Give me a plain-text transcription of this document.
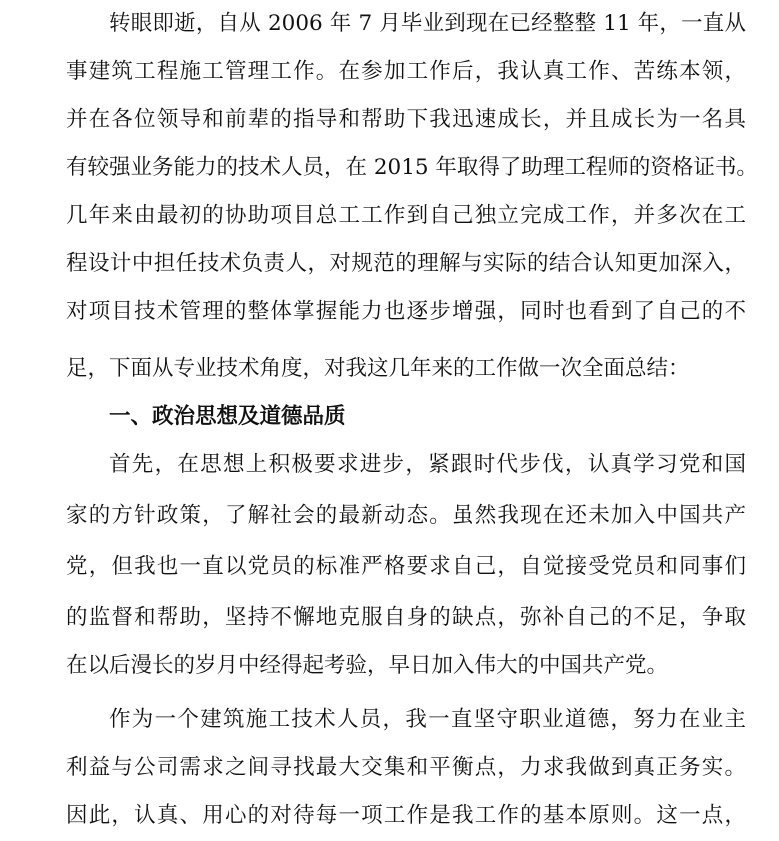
转眼即逝，自从 2006 年 7 月毕业到现在已经整整 11 年，一直从
事建筑工程施工管理工作。在参加工作后，我认真工作、苦练本领，
并在各位领导和前辈的指导和帮助下我迅速成长，并且成长为一名具
有较强业务能力的技术人员，在 2015 年取得了助理工程师的资格证书。
几年来由最初的协助项目总工工作到自己独立完成工作，并多次在工
程设计中担任技术负责人，对规范的理解与实际的结合认知更加深入，
对项目技术管理的整体掌握能力也逐步增强，同时也看到了自己的不
足，下面从专业技术角度，对我这几年来的工作做一次全面总结：
一、政治思想及道德品质
首先，在思想上积极要求进步，紧跟时代步伐，认真学习党和国
家的方针政策，了解社会的最新动态。虽然我现在还未加入中国共产
党，但我也一直以党员的标准严格要求自己，自觉接受党员和同事们
的监督和帮助，坚持不懈地克服自身的缺点，弥补自己的不足，争取
在以后漫长的岁月中经得起考验，早日加入伟大的中国共产党。
作为一个建筑施工技术人员，我一直坚守职业道德，努力在业主
利益与公司需求之间寻找最大交集和平衡点，力求我做到真正务实。
因此，认真、用心的对待每一项工作是我工作的基本原则。这一点，
